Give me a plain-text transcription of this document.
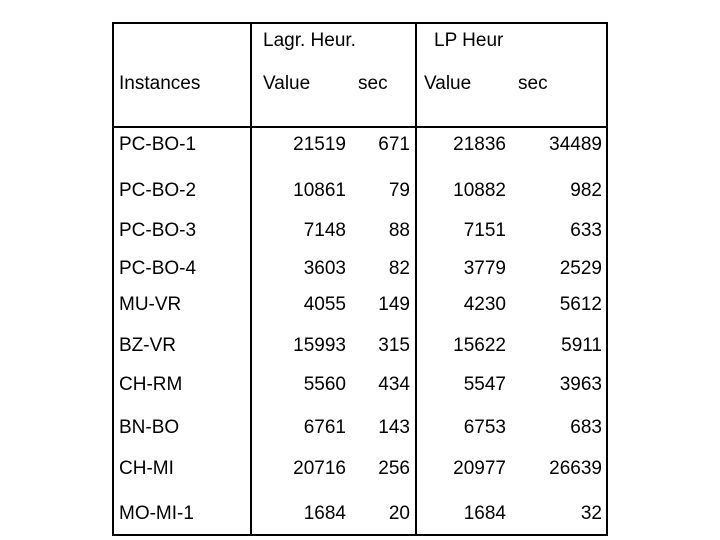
Lagr. Heur.	LP Heur
Instances	Value	sec Value sec
PC-BO-1	21519	671	21836	34489
PC-BO-2	10861	79	10882	982
PC-BO-3	7148	88	7151	633
PC-BO-4	3603	82	3779	2529
MU-VR	4055	149	4230	5612
BZ-VR	15993	315	15622	5911
CH-RM	5560	434	5547	3963
BN-BO	6761	143	6753	683
CH-MI	20716	256	20977	26639
MO-MI-1	1684	20	1684	32
